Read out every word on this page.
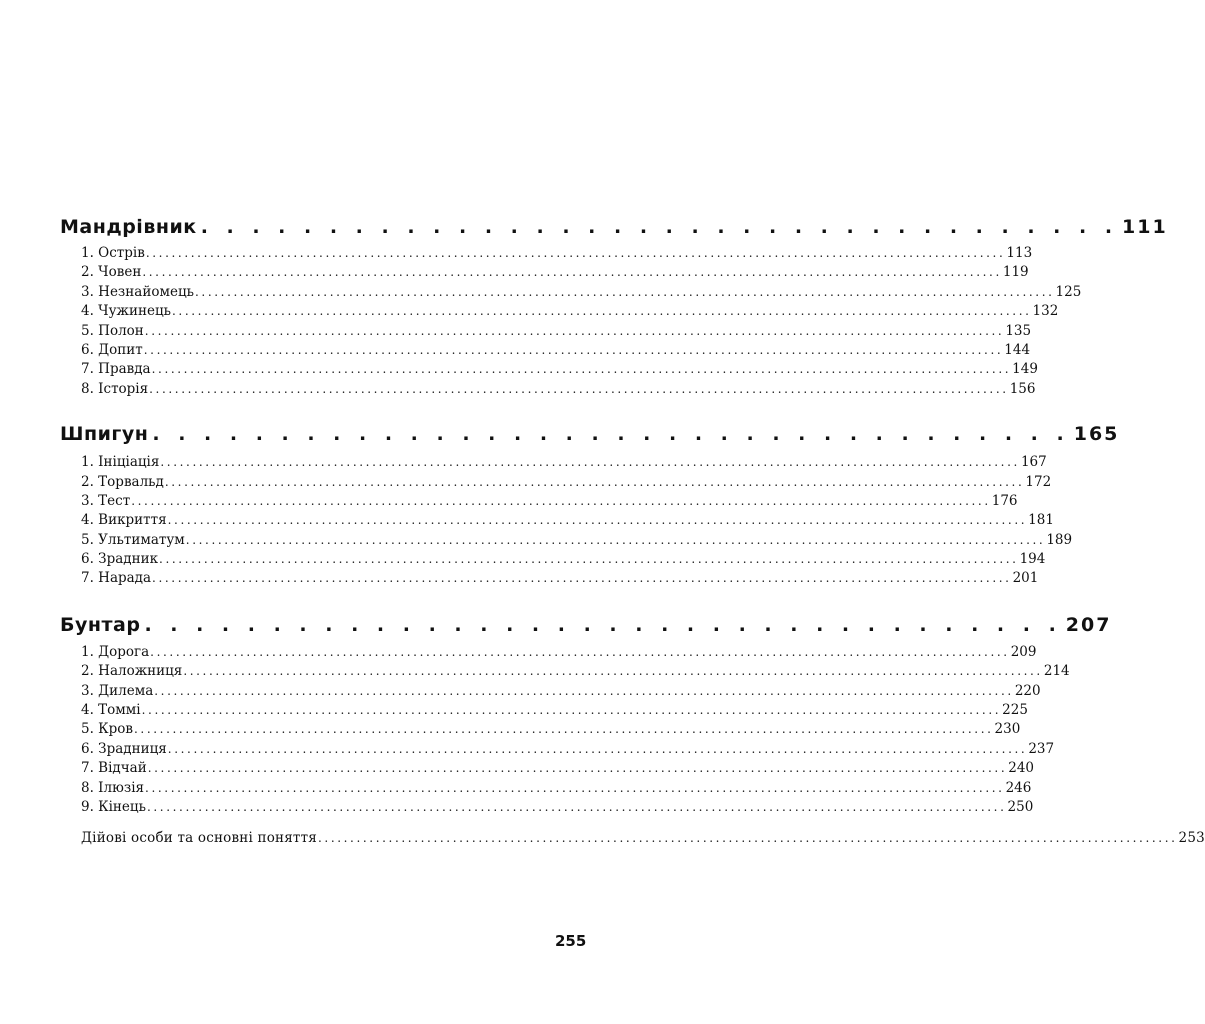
Мандрівник . . . . . . . . . . . . . . . . . . . . . . . . . . . . . . . . . . . . 111
1. Острів ...................................................................................................................................... 113
2. Човен ...................................................................................................................................... 119
3. Незнайомець ...................................................................................................................................... 125
4. Чужинець ...................................................................................................................................... 132
5. Полон ...................................................................................................................................... 135
6. Допит ...................................................................................................................................... 144
7. Правда ...................................................................................................................................... 149
8. Історія ...................................................................................................................................... 156
Шпигун . . . . . . . . . . . . . . . . . . . . . . . . . . . . . . . . . . . . 165
1. Ініціація ...................................................................................................................................... 167
2. Торвальд ...................................................................................................................................... 172
3. Тест ...................................................................................................................................... 176
4. Викриття ...................................................................................................................................... 181
5. Ультиматум ...................................................................................................................................... 189
6. Зрадник ...................................................................................................................................... 194
7. Нарада ...................................................................................................................................... 201
Бунтар . . . . . . . . . . . . . . . . . . . . . . . . . . . . . . . . . . . . 207
1. Дорога ...................................................................................................................................... 209
2. Наложниця ...................................................................................................................................... 214
3. Дилема ...................................................................................................................................... 220
4. Томмі ...................................................................................................................................... 225
5. Кров ...................................................................................................................................... 230
6. Зрадниця ...................................................................................................................................... 237
7. Відчай ...................................................................................................................................... 240
8. Ілюзія ...................................................................................................................................... 246
9. Кінець ...................................................................................................................................... 250
Дійові особи та основні поняття ...................................................................................................................................... 253
255
